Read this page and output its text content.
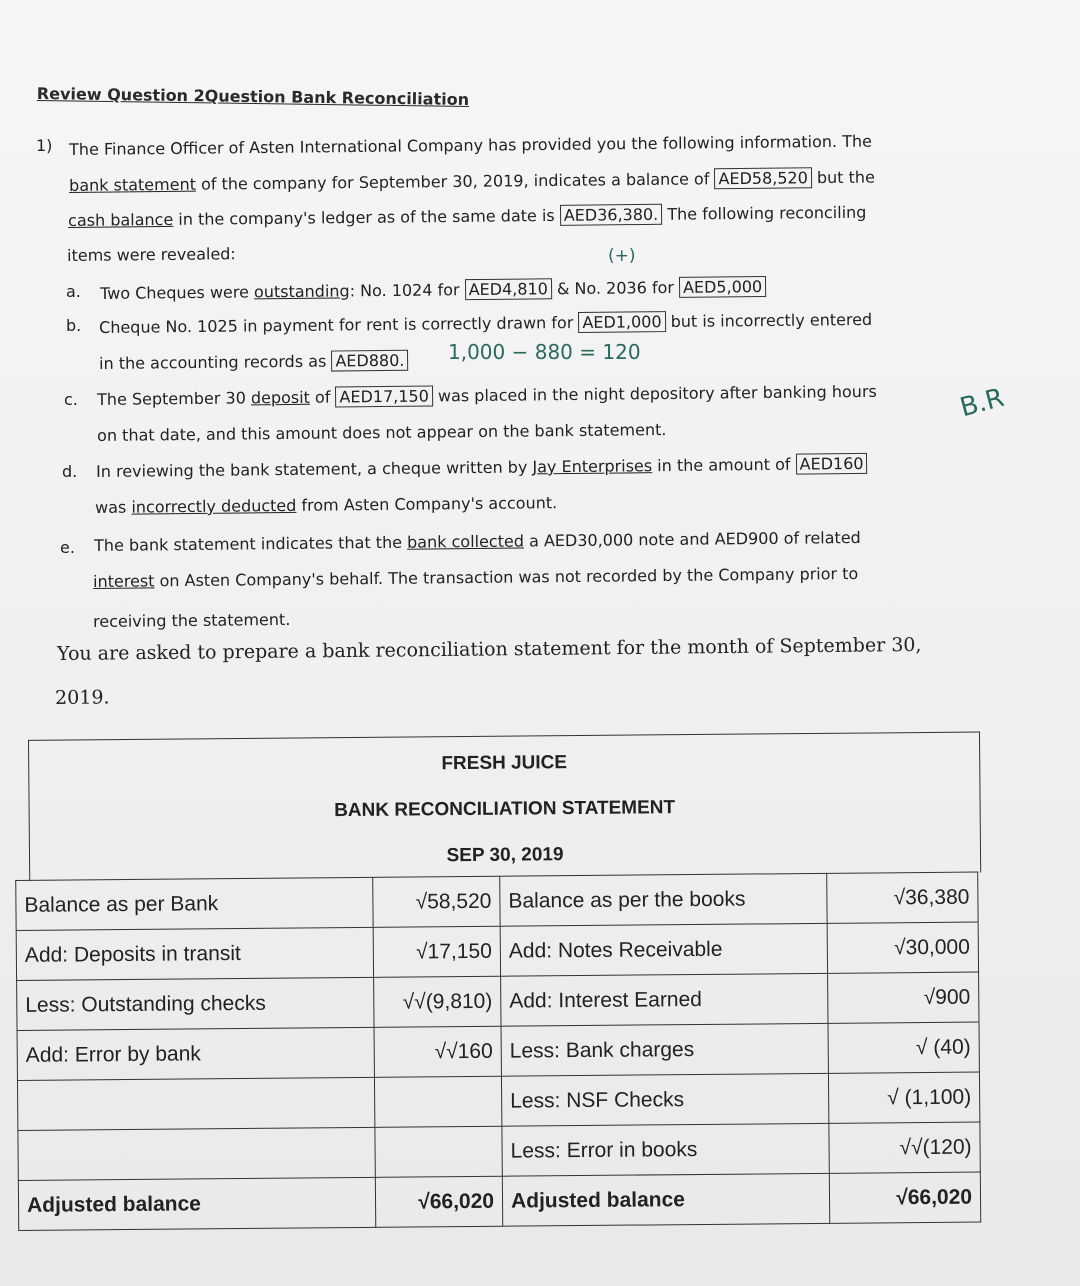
Review Question 2Question Bank Reconciliation
1) The Finance Officer of Asten International Company has provided you the following information. The
bank statement of the company for September 30, 2019, indicates a balance of AED58,520 but the
cash balance in the company's ledger as of the same date is AED36,380. The following reconciling
items were revealed:	(+)
a. Two Cheques were outstanding: No. 1024 for AED4,810 & No. 2036 for AED5,000
b. Cheque No. 1025 in payment for rent is correctly drawn for AED1,000 but is incorrectly entered
in the accounting records as AED880. 1,000 − 880 = 120
c. The September 30 deposit of AED17,150 was placed in the night depository after banking hours
on that date, and this amount does not appear on the bank statement.
B.R
d. In reviewing the bank statement, a cheque written by Jay Enterprises in the amount of AED160
was incorrectly deducted from Asten Company's account.
e. The bank statement indicates that the bank collected a AED30,000 note and AED900 of related
interest on Asten Company's behalf. The transaction was not recorded by the Company prior to
receiving the statement.
You are asked to prepare a bank reconciliation statement for the month of September 30,
2019.
FRESH JUICE
BANK RECONCILIATION STATEMENT
SEP 30, 2019
Balance as per Bank	√58,520	Balance as per the books	√36,380
Add: Deposits in transit	√17,150	Add: Notes Receivable	√30,000
Less: Outstanding checks	√√(9,810)	Add: Interest Earned	√900
Add: Error by bank	√√160	Less: Bank charges	√ (40)
		Less: NSF Checks	√ (1,100)
		Less: Error in books	√√(120)
Adjusted balance	√66,020	Adjusted balance	√66,020
